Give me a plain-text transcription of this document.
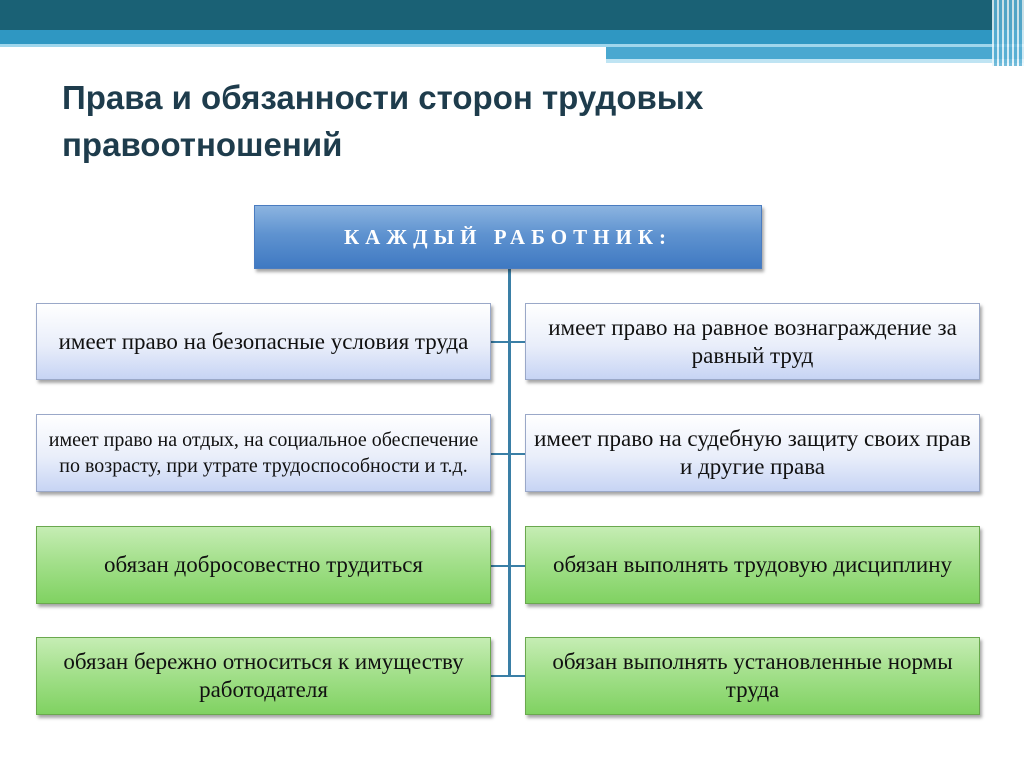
Права и обязанности сторон трудовых правоотношений
КАЖДЫЙ РАБОТНИК:
имеет право на безопасные условия труда
имеет право на отдых, на социальное обеспечение по возрасту, при утрате трудоспособности и т.д.
обязан добросовестно трудиться
обязан бережно относиться к имуществу работодателя
имеет право на равное вознаграждение за равный труд
имеет право на судебную защиту своих прав и другие права
обязан выполнять трудовую дисциплину
обязан выполнять установленные нормы труда
